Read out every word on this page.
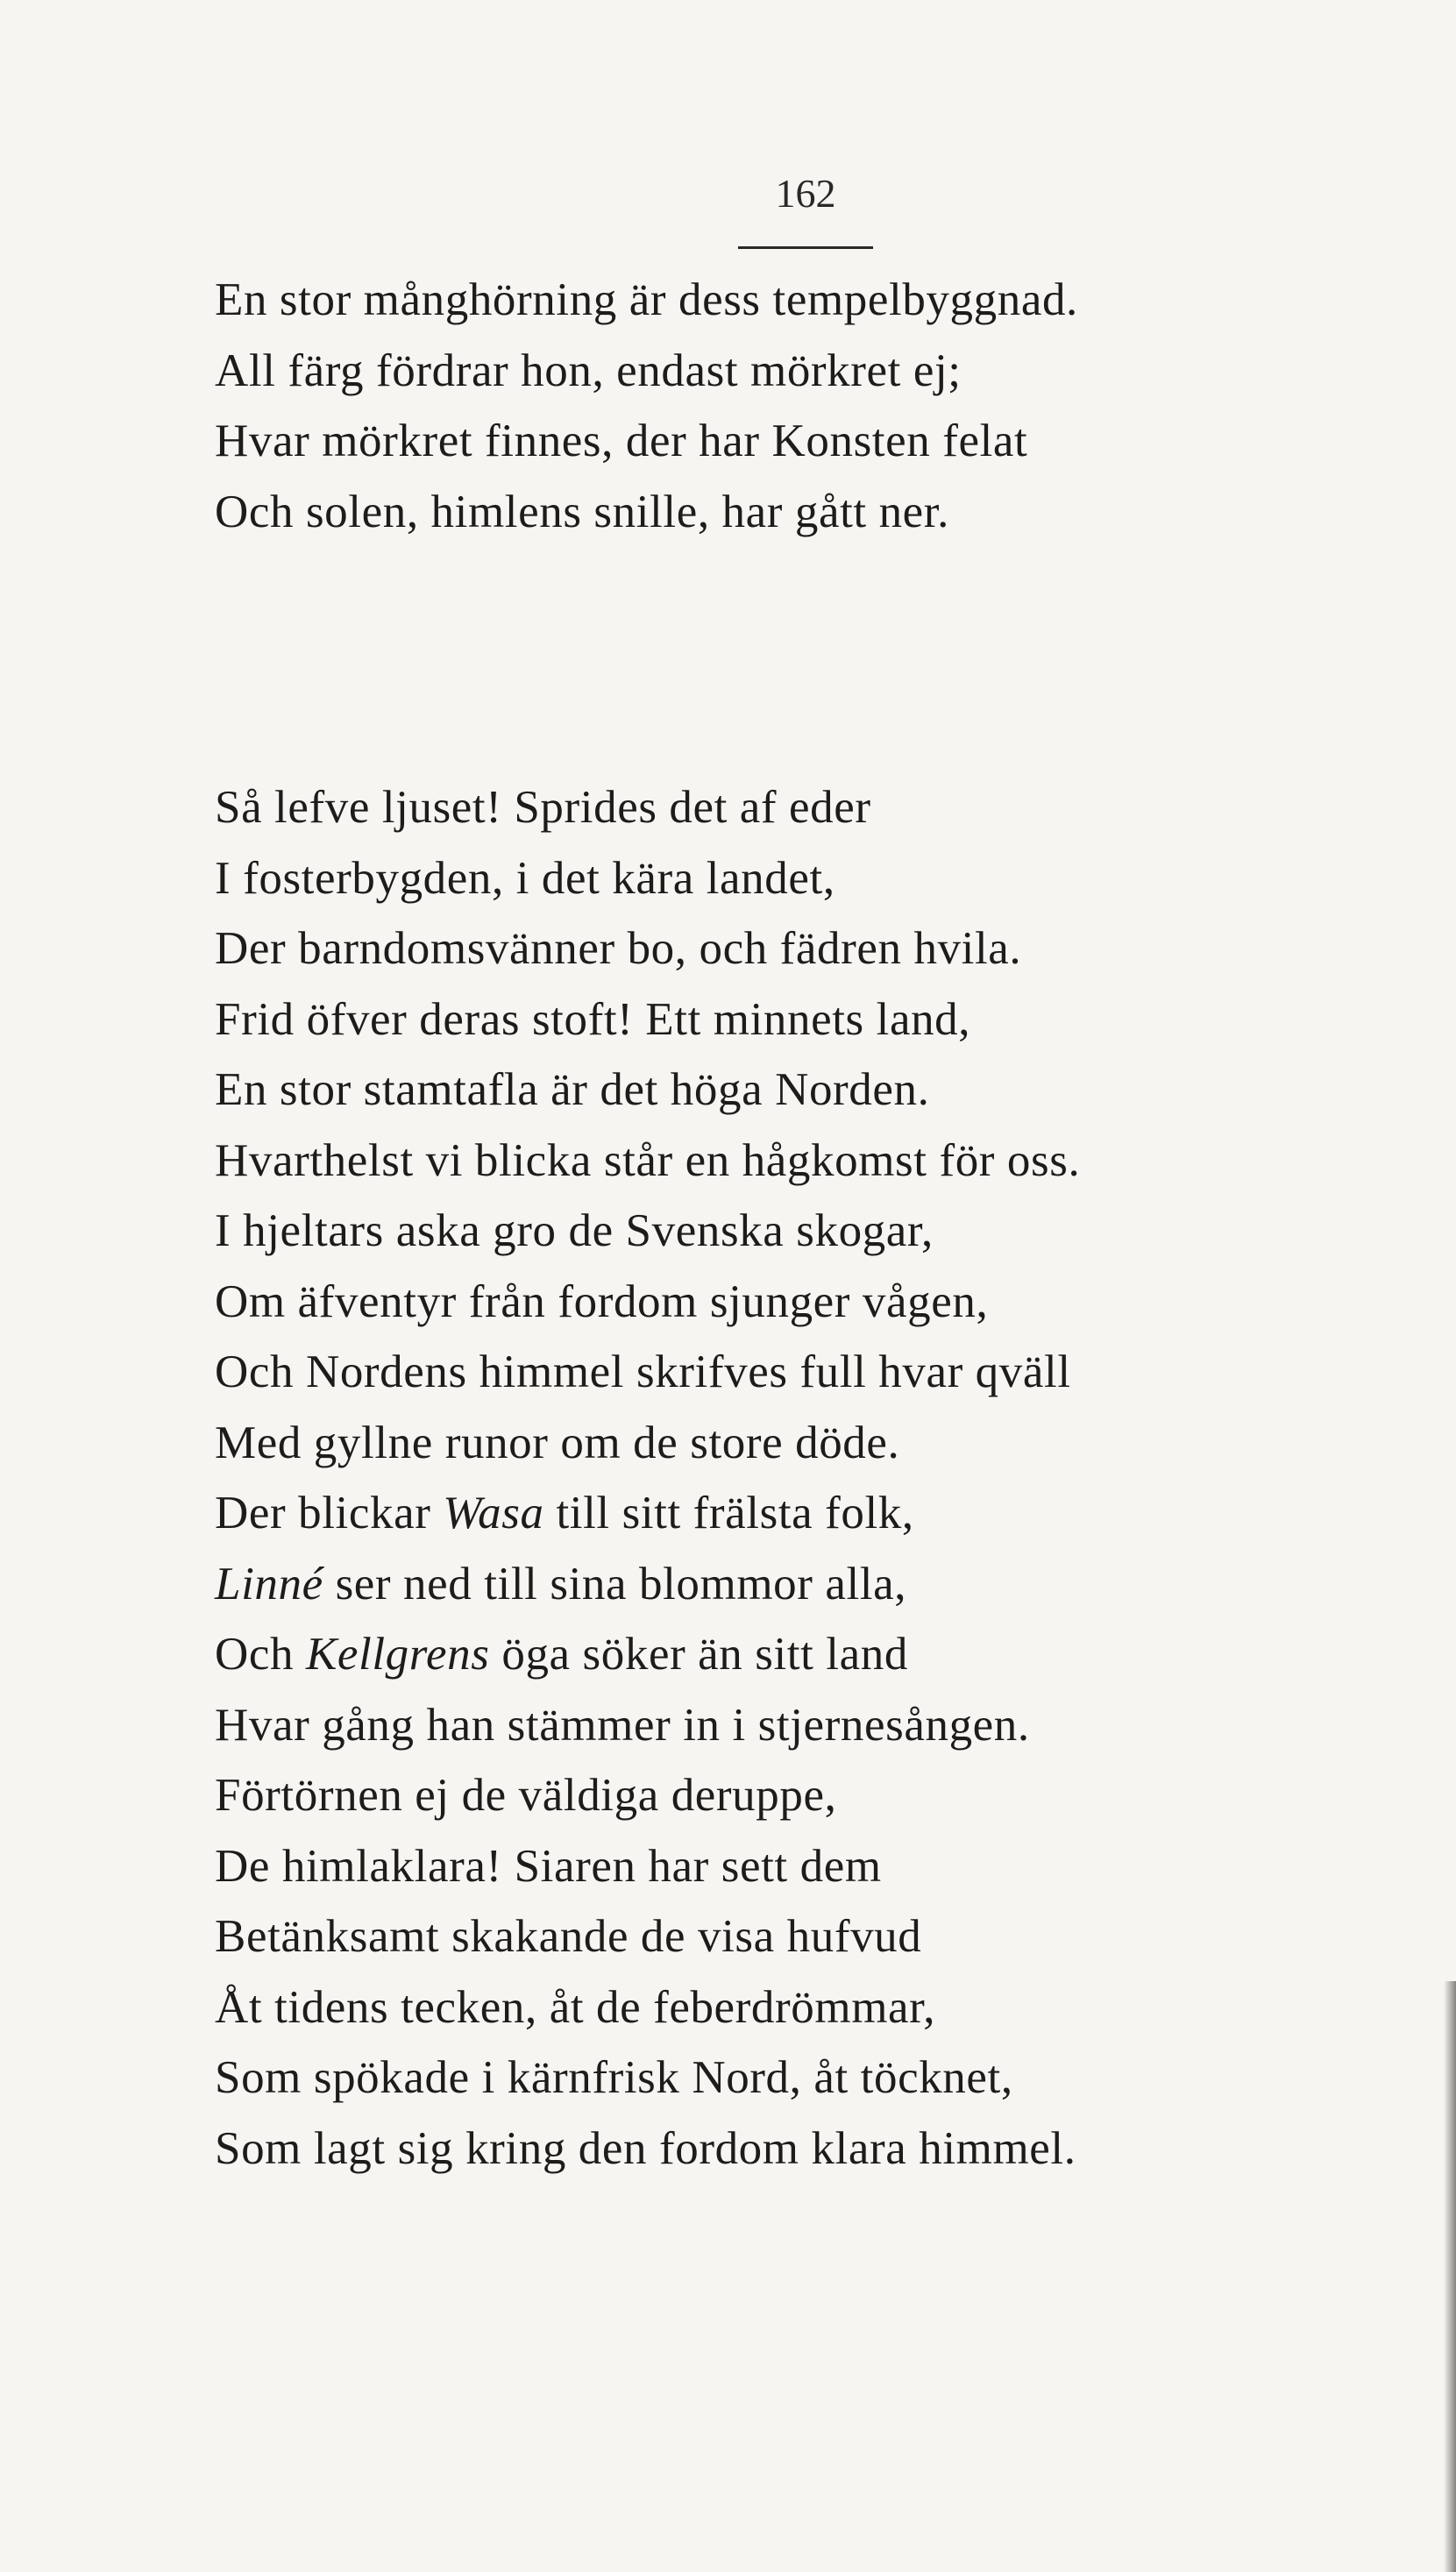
162
En stor månghörning är dess tempelbyggnad.
All färg fördrar hon, endast mörkret ej;
Hvar mörkret finnes, der har Konsten felat
Och solen, himlens snille, har gått ner.
Så lefve ljuset! Sprides det af eder
I fosterbygden, i det kära landet,
Der barndomsvänner bo, och fädren hvila.
Frid öfver deras stoft! Ett minnets land,
En stor stamtafla är det höga Norden.
Hvarthelst vi blicka står en hågkomst för oss.
I hjeltars aska gro de Svenska skogar,
Om äfventyr från fordom sjunger vågen,
Och Nordens himmel skrifves full hvar qväll
Med gyllne runor om de store döde.
Der blickar Wasa till sitt frälsta folk,
Linné ser ned till sina blommor alla,
Och Kellgrens öga söker än sitt land
Hvar gång han stämmer in i stjernesången.
Förtörnen ej de väldiga deruppe,
De himlaklara! Siaren har sett dem
Betänksamt skakande de visa hufvud
Åt tidens tecken, åt de feberdrömmar,
Som spökade i kärnfrisk Nord, åt töcknet,
Som lagt sig kring den fordom klara himmel.
